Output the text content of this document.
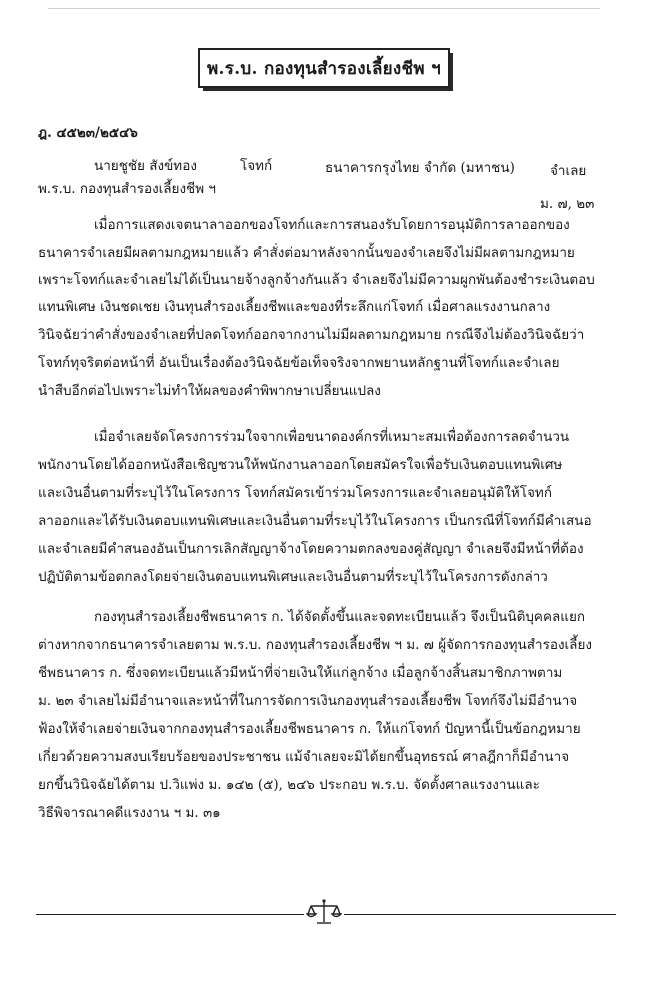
พ.ร.บ. กองทุนสำรองเลี้ยงชีพ ฯ
ฎ. ๔๕๒๓/๒๕๔๖
นายชูชัย สังข์ทอง	โจทก์	ธนาคารกรุงไทย จำกัด (มหาชน)	จำเลย
พ.ร.บ. กองทุนสำรองเลี้ยงชีพ ฯ
ม. ๗, ๒๓
เมื่อการแสดงเจตนาลาออกของโจทก์และการสนองรับโดยการอนุมัติการลาออกของ
ธนาคารจำเลยมีผลตามกฎหมายแล้ว คำสั่งต่อมาหลังจากนั้นของจำเลยจึงไม่มีผลตามกฎหมาย
เพราะโจทก์และจำเลยไม่ได้เป็นนายจ้างลูกจ้างกันแล้ว จำเลยจึงไม่มีความผูกพันต้องชำระเงินตอบ
แทนพิเศษ เงินชดเชย เงินทุนสำรองเลี้ยงชีพและของที่ระลึกแก่โจทก์ เมื่อศาลแรงงานกลาง
วินิจฉัยว่าคำสั่งของจำเลยที่ปลดโจทก์ออกจากงานไม่มีผลตามกฎหมาย กรณีจึงไม่ต้องวินิจฉัยว่า
โจทก์ทุจริตต่อหน้าที่ อันเป็นเรื่องต้องวินิจฉัยข้อเท็จจริงจากพยานหลักฐานที่โจทก์และจำเลย
นำสืบอีกต่อไปเพราะไม่ทำให้ผลของคำพิพากษาเปลี่ยนแปลง
เมื่อจำเลยจัดโครงการร่วมใจจากเพื่อขนาดองค์กรที่เหมาะสมเพื่อต้องการลดจำนวน
พนักงานโดยได้ออกหนังสือเชิญชวนให้พนักงานลาออกโดยสมัครใจเพื่อรับเงินตอบแทนพิเศษ
และเงินอื่นตามที่ระบุไว้ในโครงการ โจทก์สมัครเข้าร่วมโครงการและจำเลยอนุมัติให้โจทก์
ลาออกและได้รับเงินตอบแทนพิเศษและเงินอื่นตามที่ระบุไว้ในโครงการ เป็นกรณีที่โจทก์มีคำเสนอ
และจำเลยมีคำสนองอันเป็นการเลิกสัญญาจ้างโดยความตกลงของคู่สัญญา จำเลยจึงมีหน้าที่ต้อง
ปฏิบัติตามข้อตกลงโดยจ่ายเงินตอบแทนพิเศษและเงินอื่นตามที่ระบุไว้ในโครงการดังกล่าว
กองทุนสำรองเลี้ยงชีพธนาคาร ก. ได้จัดตั้งขึ้นและจดทะเบียนแล้ว จึงเป็นนิติบุคคลแยก
ต่างหากจากธนาคารจำเลยตาม พ.ร.บ. กองทุนสำรองเลี้ยงชีพ ฯ ม. ๗ ผู้จัดการกองทุนสำรองเลี้ยง
ชีพธนาคาร ก. ซึ่งจดทะเบียนแล้วมีหน้าที่จ่ายเงินให้แก่ลูกจ้าง เมื่อลูกจ้างสิ้นสมาชิกภาพตาม
ม. ๒๓ จำเลยไม่มีอำนาจและหน้าที่ในการจัดการเงินกองทุนสำรองเลี้ยงชีพ โจทก์จึงไม่มีอำนาจ
ฟ้องให้จำเลยจ่ายเงินจากกองทุนสำรองเลี้ยงชีพธนาคาร ก. ให้แก่โจทก์ ปัญหานี้เป็นข้อกฎหมาย
เกี่ยวด้วยความสงบเรียบร้อยของประชาชน แม้จำเลยจะมิได้ยกขึ้นอุทธรณ์ ศาลฎีกาก็มีอำนาจ
ยกขึ้นวินิจฉัยได้ตาม ป.วิแพ่ง ม. ๑๔๒ (๕), ๒๔๖ ประกอบ พ.ร.บ. จัดตั้งศาลแรงงานและ
วิธีพิจารณาคดีแรงงาน ฯ ม. ๓๑
